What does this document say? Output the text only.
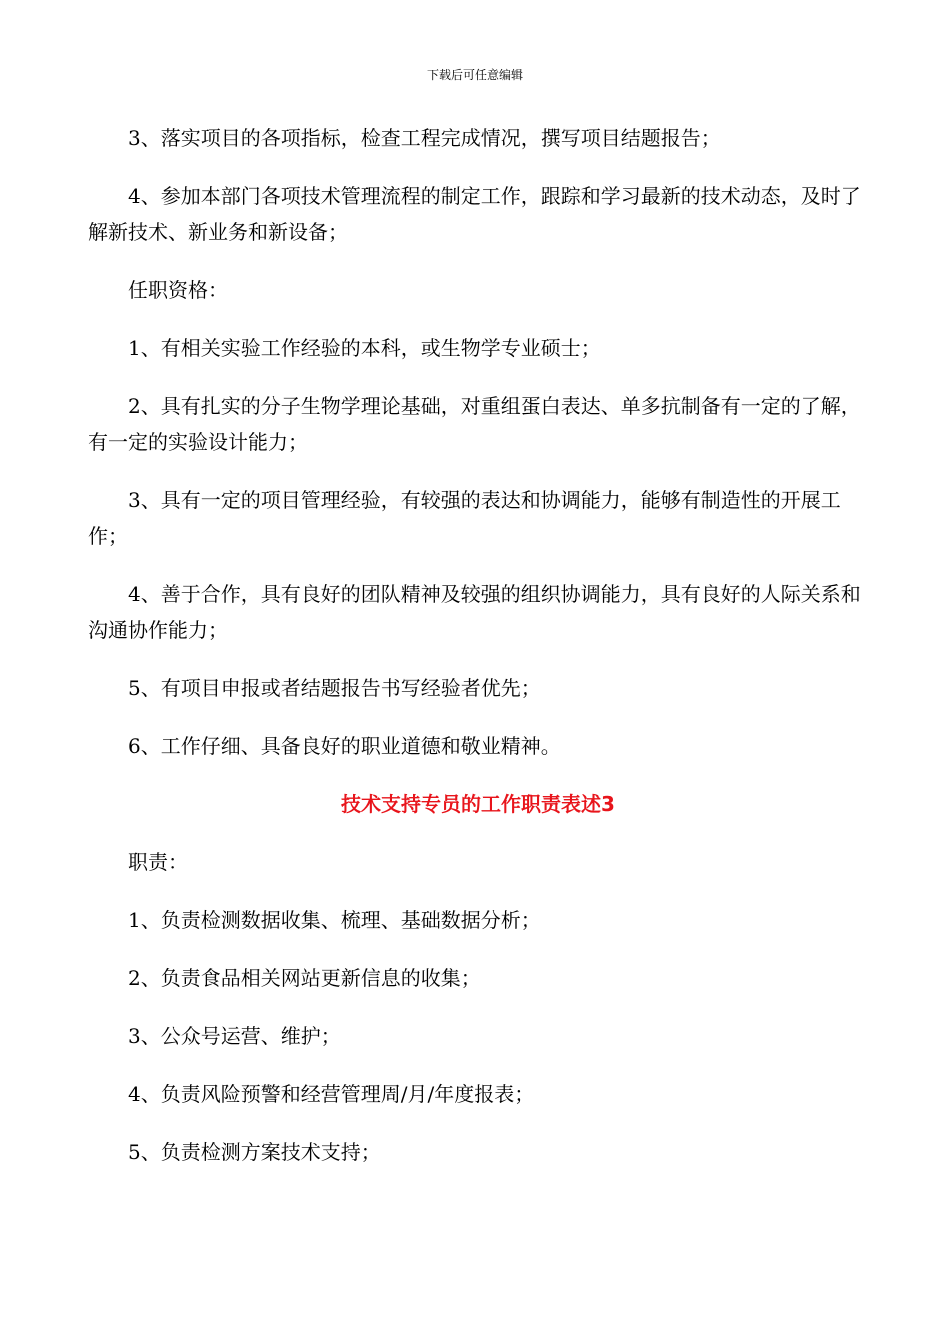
下载后可任意编辑

3、落实项目的各项指标，检查工程完成情况，撰写项目结题报告；

4、参加本部门各项技术管理流程的制定工作，跟踪和学习最新的技术动态，及时了解新技术、新业务和新设备；

任职资格：

1、有相关实验工作经验的本科，或生物学专业硕士；

2、具有扎实的分子生物学理论基础，对重组蛋白表达、单多抗制备有一定的了解，有一定的实验设计能力；

3、具有一定的项目管理经验，有较强的表达和协调能力，能够有制造性的开展工作；

4、善于合作，具有良好的团队精神及较强的组织协调能力，具有良好的人际关系和沟通协作能力；

5、有项目申报或者结题报告书写经验者优先；

6、工作仔细、具备良好的职业道德和敬业精神。

技术支持专员的工作职责表述3

职责：

1、负责检测数据收集、梳理、基础数据分析；

2、负责食品相关网站更新信息的收集；

3、公众号运营、维护；

4、负责风险预警和经营管理周/月/年度报表；

5、负责检测方案技术支持；
